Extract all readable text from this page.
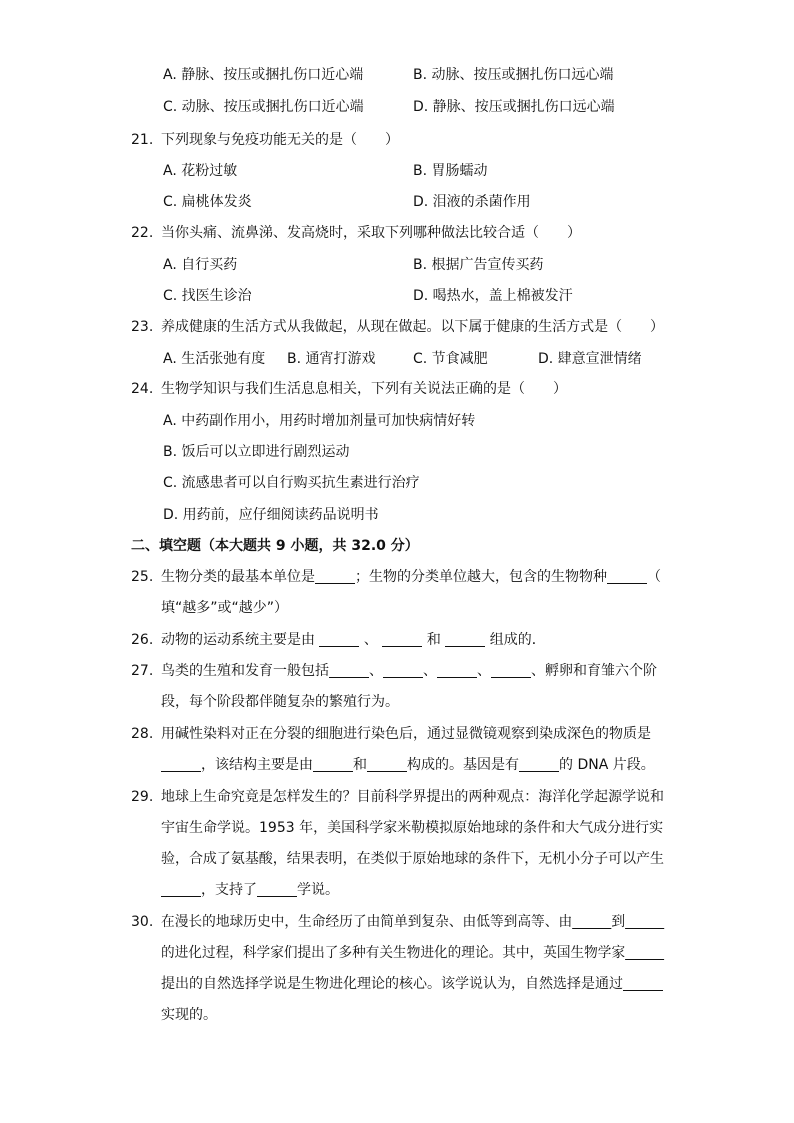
A. 静脉、按压或捆扎伤口近心端	B. 动脉、按压或捆扎伤口远心端
C. 动脉、按压或捆扎伤口近心端	D. 静脉、按压或捆扎伤口远心端
21. 下列现象与免疫功能无关的是（　　）
A. 花粉过敏	B. 胃肠蠕动
C. 扁桃体发炎	D. 泪液的杀菌作用
22. 当你头痛、流鼻涕、发高烧时，采取下列哪种做法比较合适（　　）
A. 自行买药	B. 根据广告宣传买药
C. 找医生诊治	D. 喝热水，盖上棉被发汗
23. 养成健康的生活方式从我做起，从现在做起。以下属于健康的生活方式是（　　）
A. 生活张弛有度 B. 通宵打游戏	C. 节食减肥	D. 肆意宣泄情绪
24. 生物学知识与我们生活息息相关，下列有关说法正确的是（　　）
A. 中药副作用小，用药时增加剂量可加快病情好转
B. 饭后可以立即进行剧烈运动
C. 流感患者可以自行购买抗生素进行治疗
D. 用药前，应仔细阅读药品说明书
二、填空题（本大题共 9 小题，共 32.0 分）
25. 生物分类的最基本单位是	；生物的分类单位越大，包含的生物物种	（
填“越多”或“越少”）
26. 动物的运动系统主要是由	、	和	组成的．
27. 鸟类的生殖和发育一般包括	、	、	、	、孵卵和育雏六个阶
段，每个阶段都伴随复杂的繁殖行为。
28. 用碱性染料对正在分裂的细胞进行染色后，通过显微镜观察到染成深色的物质是
，该结构主要是由	和	构成的。基因是有	的 DNA 片段。
29. 地球上生命究竟是怎样发生的？目前科学界提出的两种观点：海洋化学起源学说和
宇宙生命学说。1953 年，美国科学家米勒模拟原始地球的条件和大气成分进行实
验，合成了氨基酸，结果表明，在类似于原始地球的条件下，无机小分子可以产生
，支持了	学说。
30. 在漫长的地球历史中，生命经历了由简单到复杂、由低等到高等、由	到
的进化过程，科学家们提出了多种有关生物进化的理论。其中，英国生物学家
提出的自然选择学说是生物进化理论的核心。该学说认为，自然选择是通过
实现的。
